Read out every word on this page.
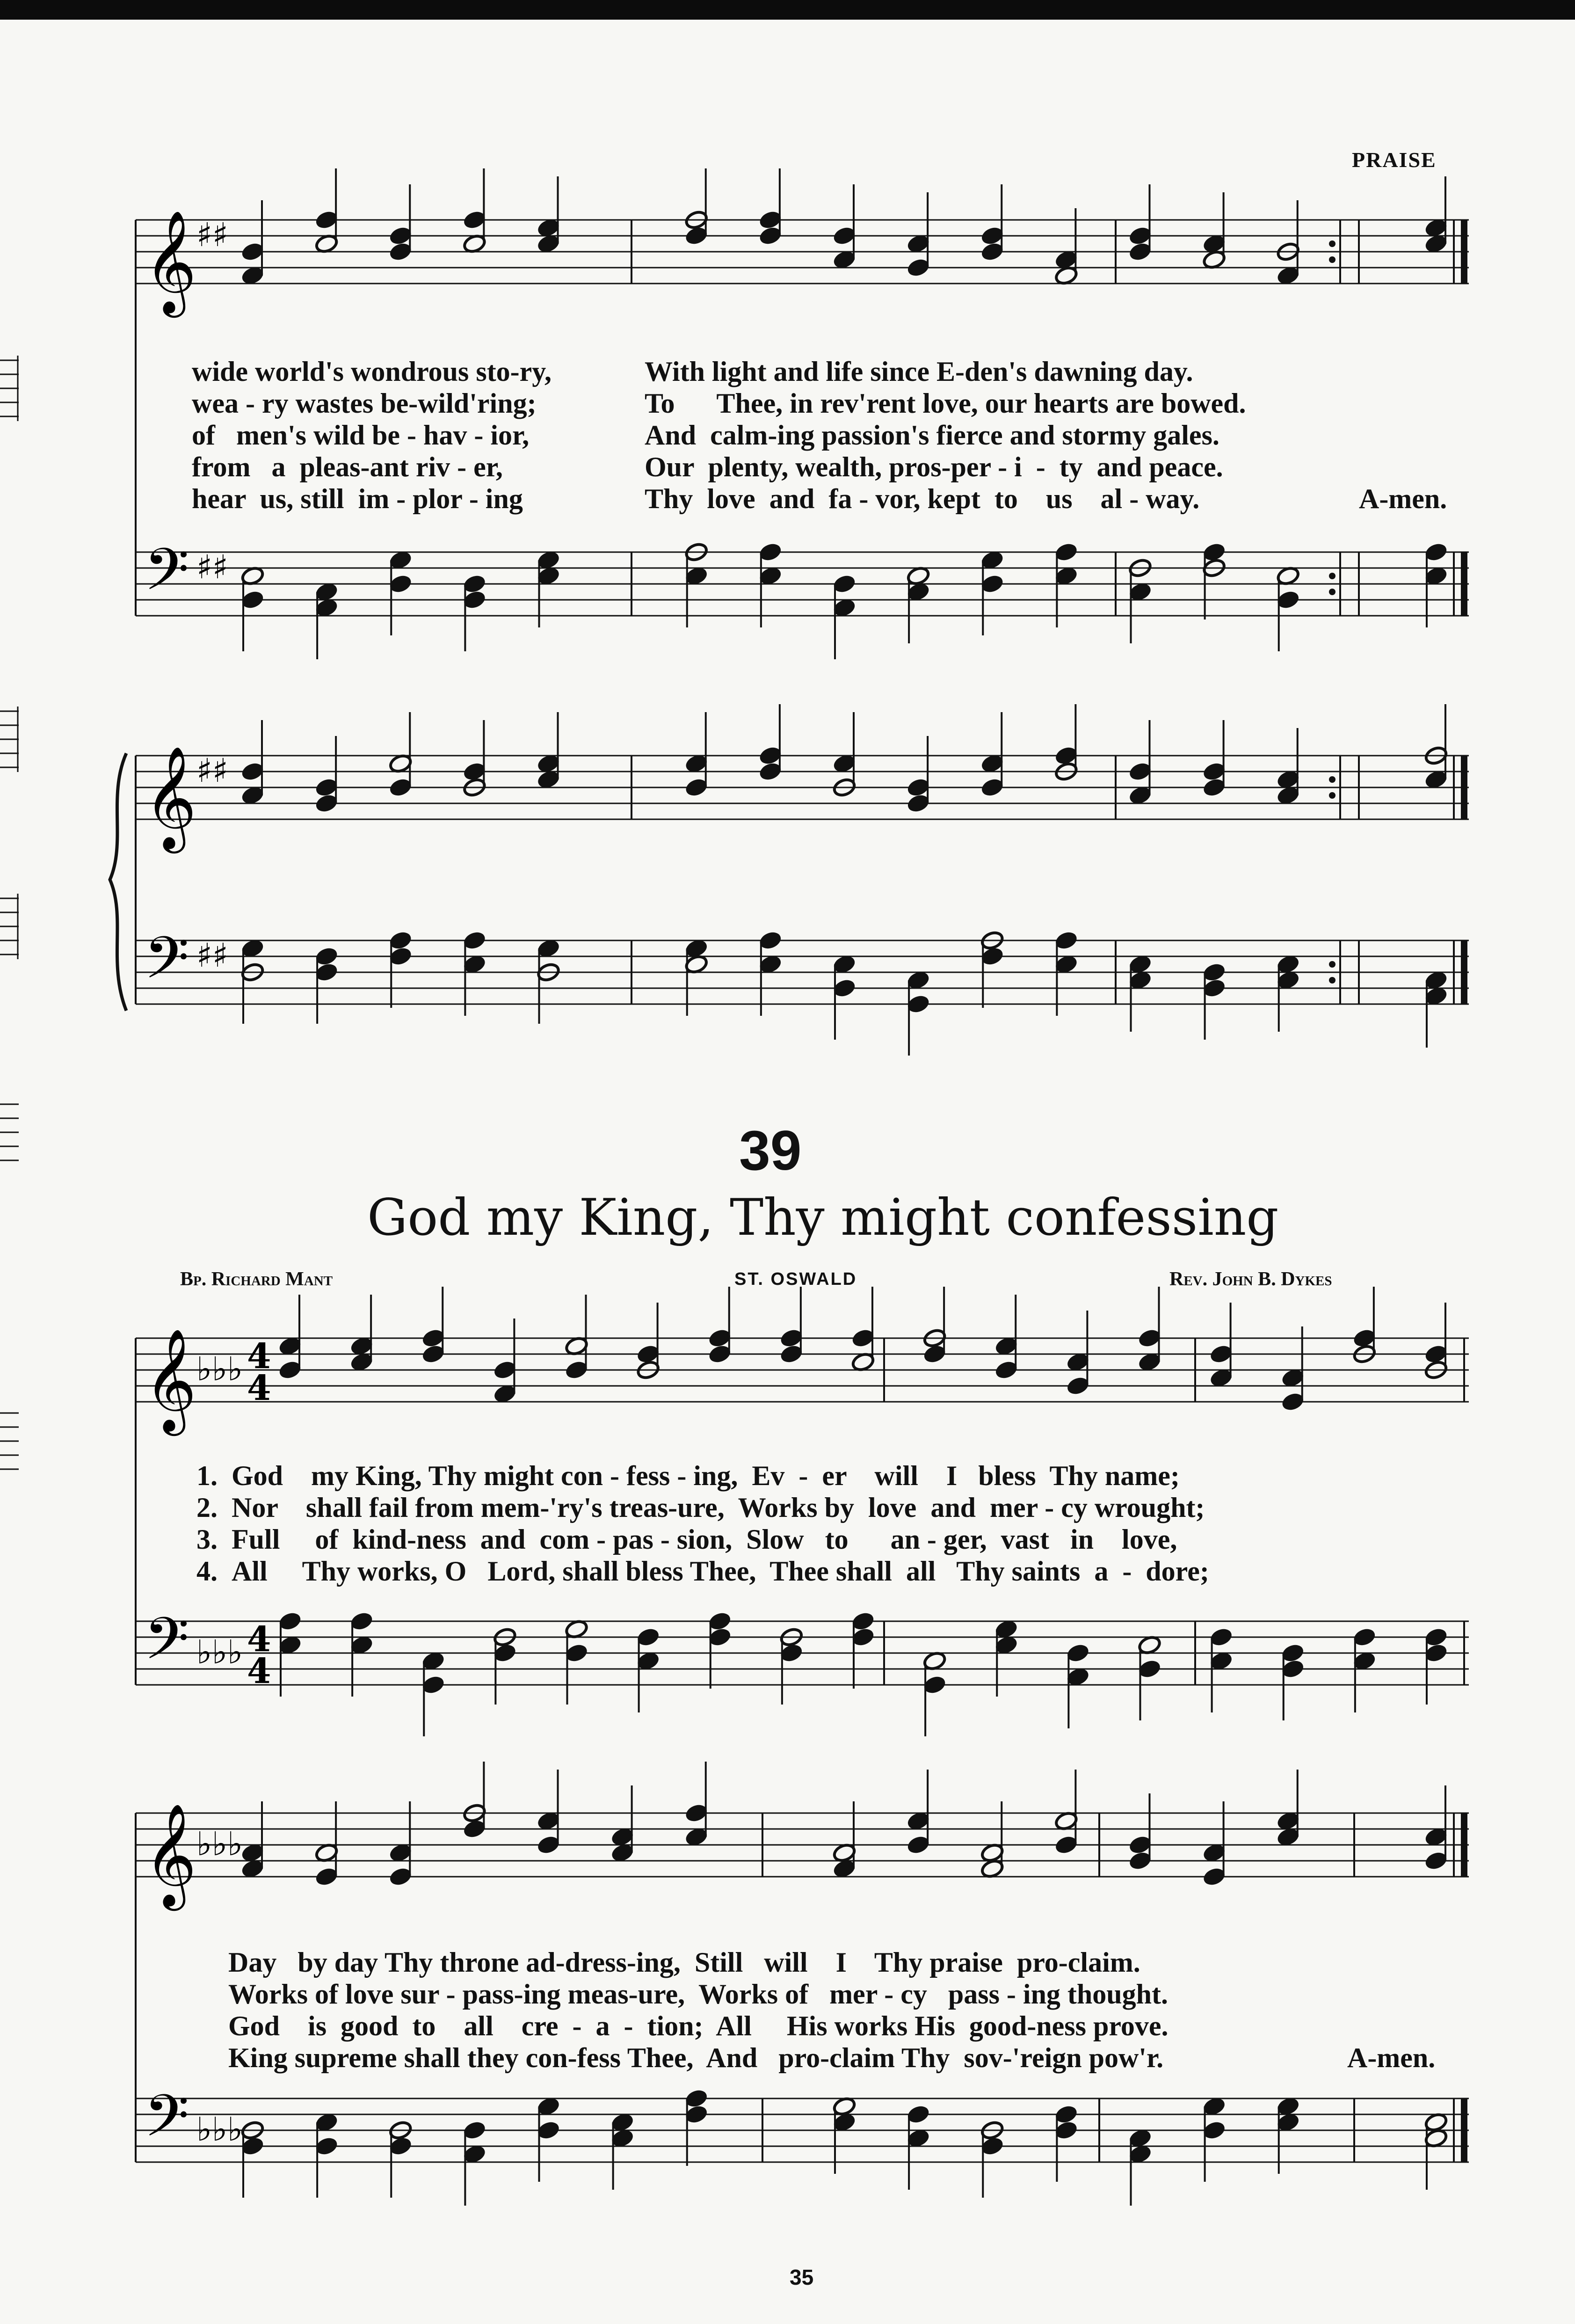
PRAISE
𝄞 ♯♯
𝄢 ♯♯
𝄞 ♯♯
𝄢 ♯♯
𝄞 ♭♭♭ 4
4
𝄢 ♭♭♭ 4
4
𝄞 ♭♭♭
𝄢 ♭♭♭
wide world's wondrous sto-ry,	With light and life since E-den's dawning day.
wea - ry wastes be-wild'ring;	To      Thee, in rev'rent love, our hearts are bowed.
of   men's wild be - hav - ior,	And  calm-ing passion's fierce and stormy gales.
from   a  pleas-ant riv - er,	Our  plenty, wealth, pros-per - i  -  ty  and peace.
hear  us, still  im - plor - ing	Thy  love  and  fa - vor, kept  to    us    al - way.	A-men.
39
God my King, Thy might confessing
Bp. Richard Mant	ST. OSWALD	Rev. John B. Dykes
1. God    my King, Thy might con - fess - ing,  Ev  -  er    will    I   bless  Thy name;
2. Nor    shall fail from mem-'ry's treas-ure,  Works by  love  and  mer - cy wrought;
3. Full     of  kind-ness  and  com - pas - sion,  Slow   to      an - ger,  vast   in    love,
4. All     Thy works, O   Lord, shall bless Thee,  Thee shall  all   Thy saints  a  -  dore;
Day   by day Thy throne ad-dress-ing,  Still   will    I    Thy praise  pro-claim.
Works of love sur - pass-ing meas-ure,  Works of   mer - cy   pass - ing thought.
God    is  good  to    all    cre  -  a  -  tion;  All     His works His  good-ness prove.
King supreme shall they con-fess Thee,  And   pro-claim Thy  sov-'reign pow'r.	A-men.
35
